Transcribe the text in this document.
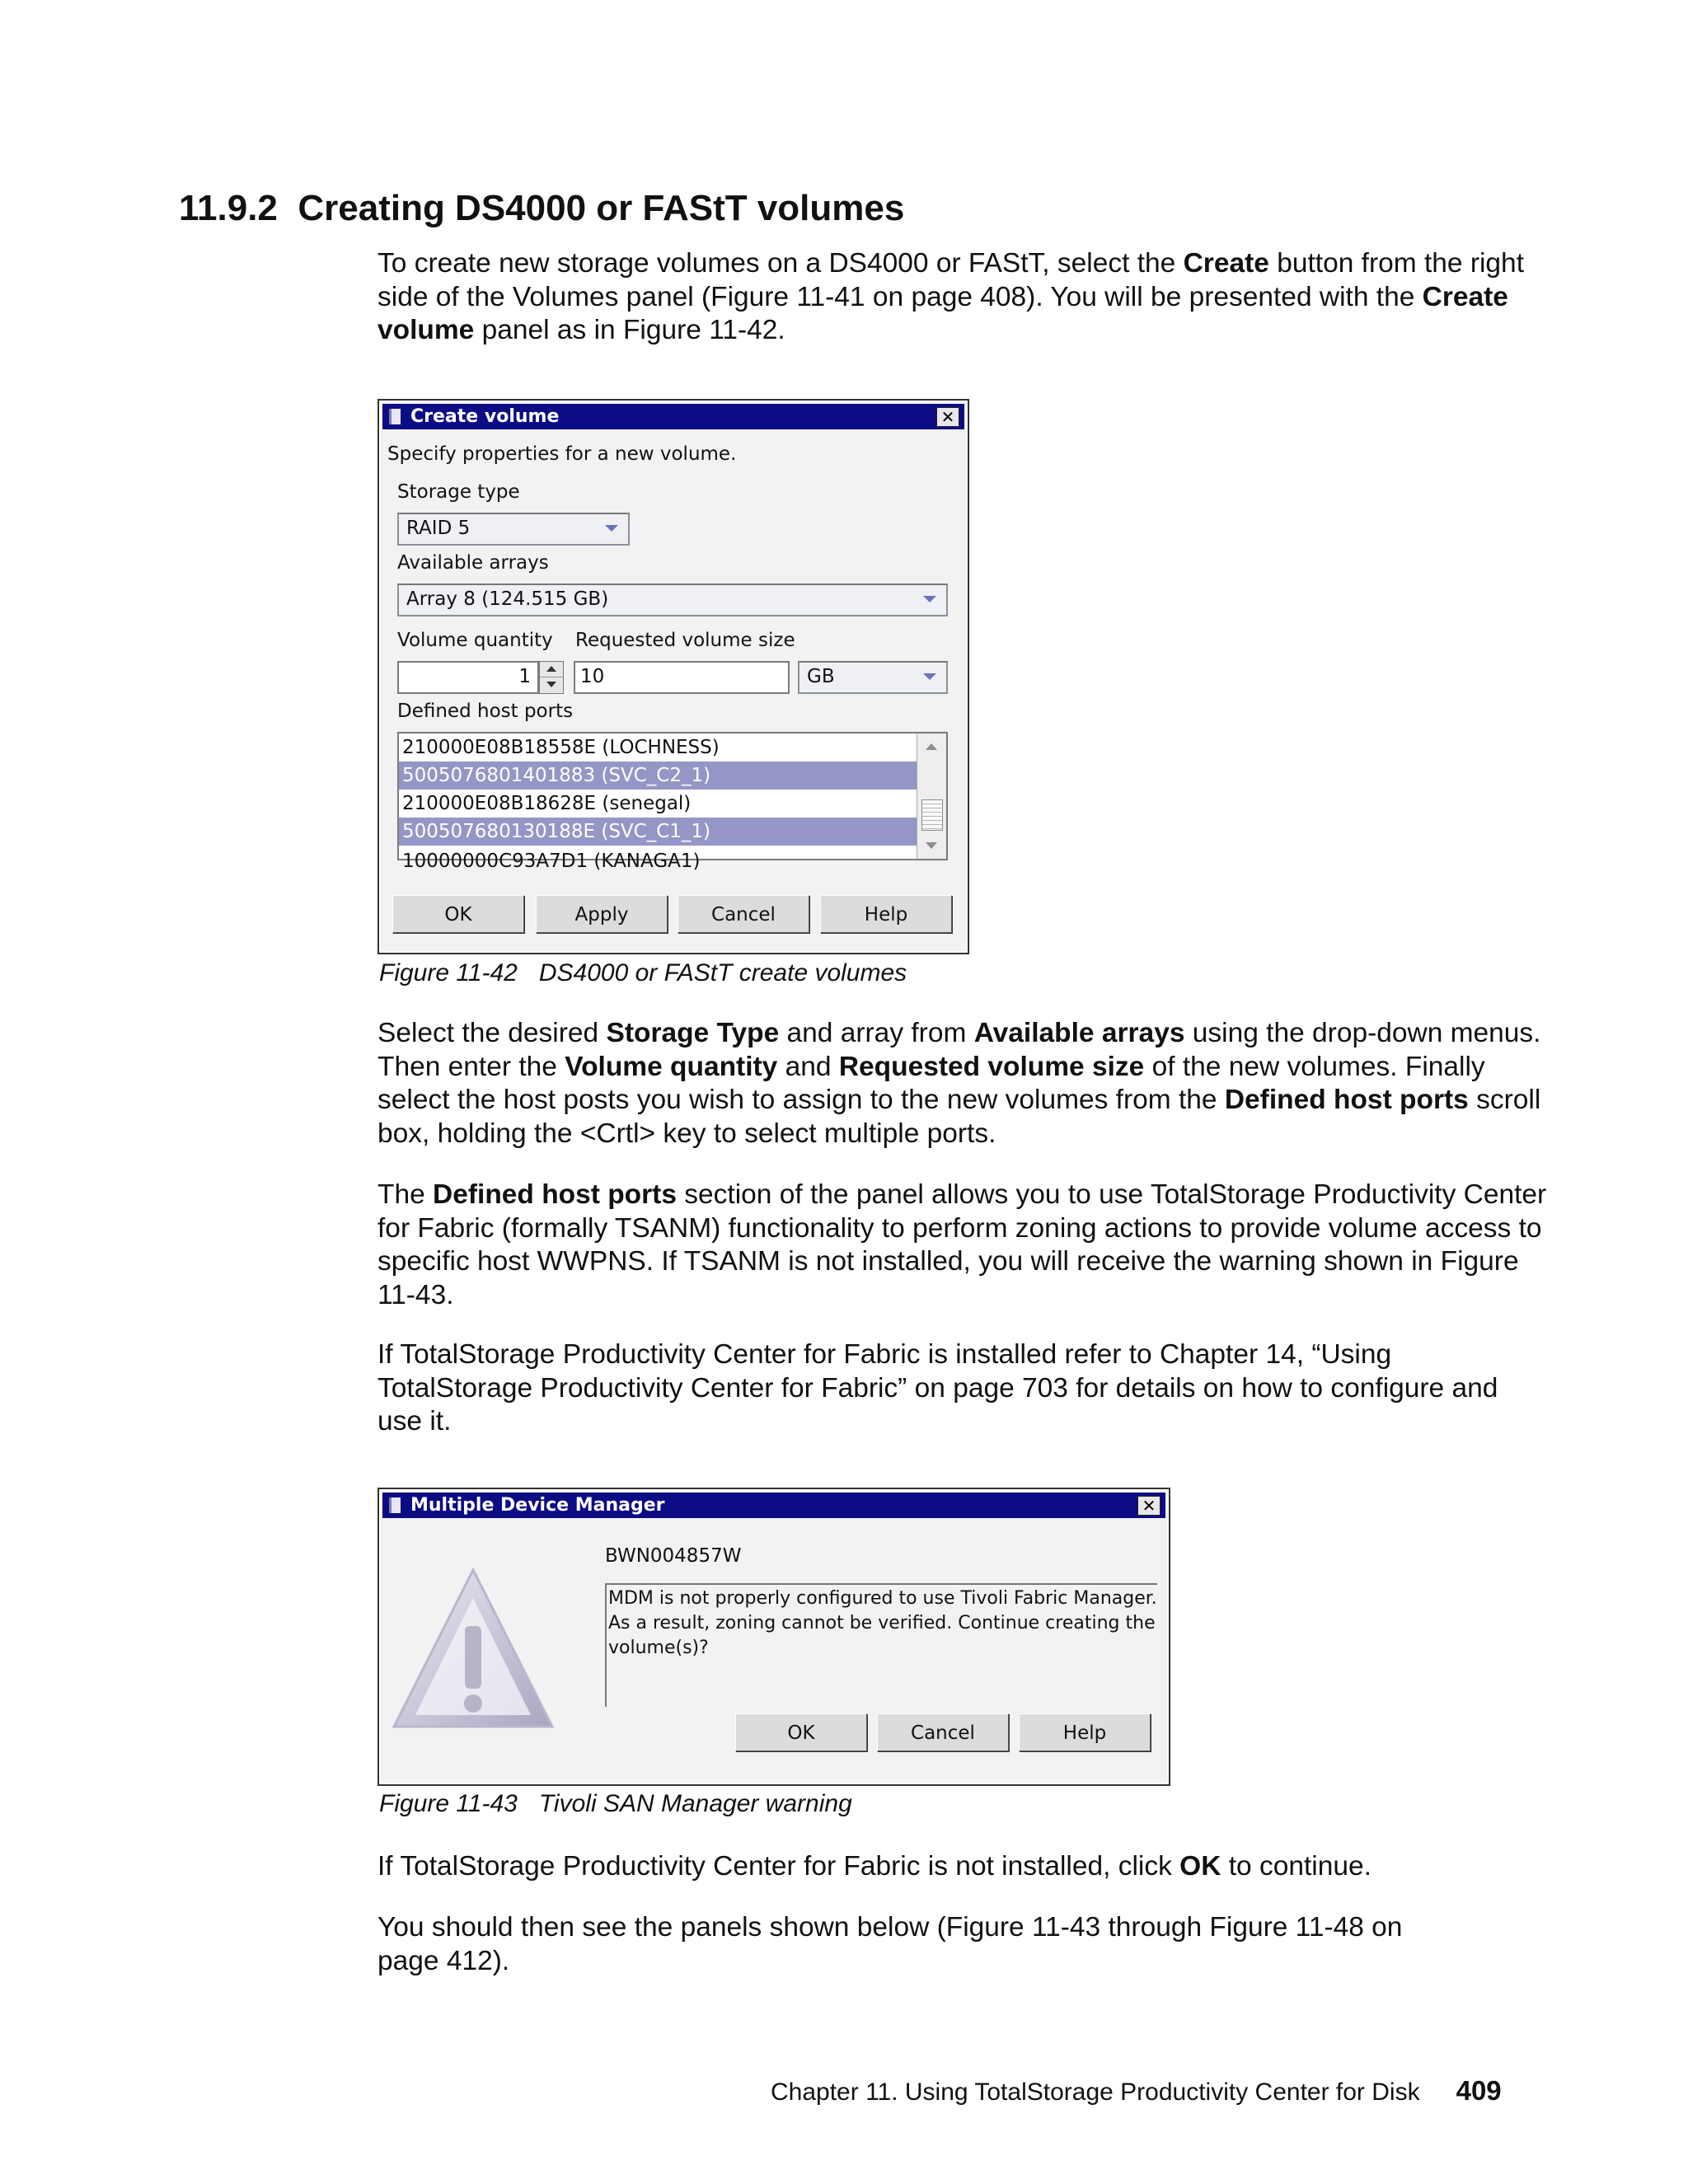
11.9.2 Creating DS4000 or FAStT volumes

To create new storage volumes on a DS4000 or FAStT, select the Create button from the right side of the Volumes panel (Figure 11-41 on page 408). You will be presented with the Create volume panel as in Figure 11-42.

Create volume	✕
Specify properties for a new volume.
Storage type
RAID 5
Available arrays
Array 8 (124.515 GB)
Volume quantity Requested volume size
1	10	GB
Defined host ports
210000E08B18558E (LOCHNESS)
5005076801401883 (SVC_C2_1)
210000E08B18628E (senegal)
500507680130188E (SVC_C1_1)
10000000C93A7D1 (KANAGA1)
OK	Apply	Cancel	Help
Figure 11-42 DS4000 or FAStT create volumes

Select the desired Storage Type and array from Available arrays using the drop-down menus. Then enter the Volume quantity and Requested volume size of the new volumes. Finally select the host posts you wish to assign to the new volumes from the Defined host ports scroll box, holding the <Crtl> key to select multiple ports.

The Defined host ports section of the panel allows you to use TotalStorage Productivity Center for Fabric (formally TSANM) functionality to perform zoning actions to provide volume access to specific host WWPNS. If TSANM is not installed, you will receive the warning shown in Figure 11-43.

If TotalStorage Productivity Center for Fabric is installed refer to Chapter 14, “Using TotalStorage Productivity Center for Fabric” on page 703 for details on how to configure and use it.

Multiple Device Manager	✕
BWN004857W
MDM is not properly configured to use Tivoli Fabric Manager.
As a result, zoning cannot be verified. Continue creating the
volume(s)?
OK	Cancel	Help
Figure 11-43 Tivoli SAN Manager warning

If TotalStorage Productivity Center for Fabric is not installed, click OK to continue.

You should then see the panels shown below (Figure 11-43 through Figure 11-48 on page 412).

Chapter 11. Using TotalStorage Productivity Center for Disk 409
